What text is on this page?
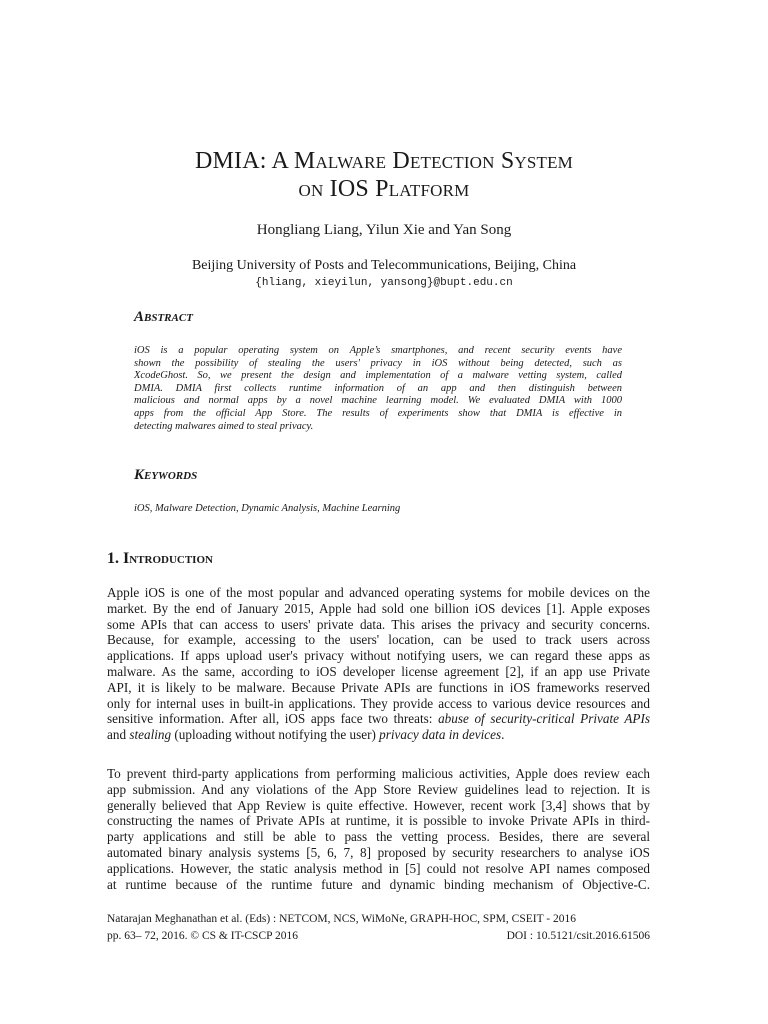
DMIA: A Malware Detection System
on IOS Platform
Hongliang Liang, Yilun Xie and Yan Song
Beijing University of Posts and Telecommunications, Beijing, China
{hliang, xieyilun, yansong}@bupt.edu.cn
Abstract
iOS is a popular operating system on Apple’s smartphones, and recent security events have
shown the possibility of stealing the users' privacy in iOS without being detected, such as
XcodeGhost. So, we present the design and implementation of a malware vetting system, called
DMIA. DMIA first collects runtime information of an app and then distinguish between
malicious and normal apps by a novel machine learning model. We evaluated DMIA with 1000
apps from the official App Store. The results of experiments show that DMIA is effective in
detecting malwares aimed to steal privacy.
Keywords
iOS, Malware Detection, Dynamic Analysis, Machine Learning
1. Introduction
Apple iOS is one of the most popular and advanced operating systems for mobile devices on the
market. By the end of January 2015, Apple had sold one billion iOS devices [1]. Apple exposes
some APIs that can access to users' private data. This arises the privacy and security concerns.
Because, for example, accessing to the users' location, can be used to track users across
applications. If apps upload user's privacy without notifying users, we can regard these apps as
malware. As the same, according to iOS developer license agreement [2], if an app use Private
API, it is likely to be malware. Because Private APIs are functions in iOS frameworks reserved
only for internal uses in built-in applications. They provide access to various device resources and
sensitive information. After all, iOS apps face two threats: abuse of security-critical Private APIs
and stealing (uploading without notifying the user) privacy data in devices.
To prevent third-party applications from performing malicious activities, Apple does review each
app submission. And any violations of the App Store Review guidelines lead to rejection. It is
generally believed that App Review is quite effective. However, recent work [3,4] shows that by
constructing the names of Private APIs at runtime, it is possible to invoke Private APIs in third-
party applications and still be able to pass the vetting process. Besides, there are several
automated binary analysis systems [5, 6, 7, 8] proposed by security researchers to analyse iOS
applications. However, the static analysis method in [5] could not resolve API names composed
at runtime because of the runtime future and dynamic binding mechanism of Objective-C.
Natarajan Meghanathan et al. (Eds) : NETCOM, NCS, WiMoNe, GRAPH-HOC, SPM, CSEIT - 2016
pp. 63– 72, 2016. © CS & IT-CSCP 2016	DOI : 10.5121/csit.2016.61506
